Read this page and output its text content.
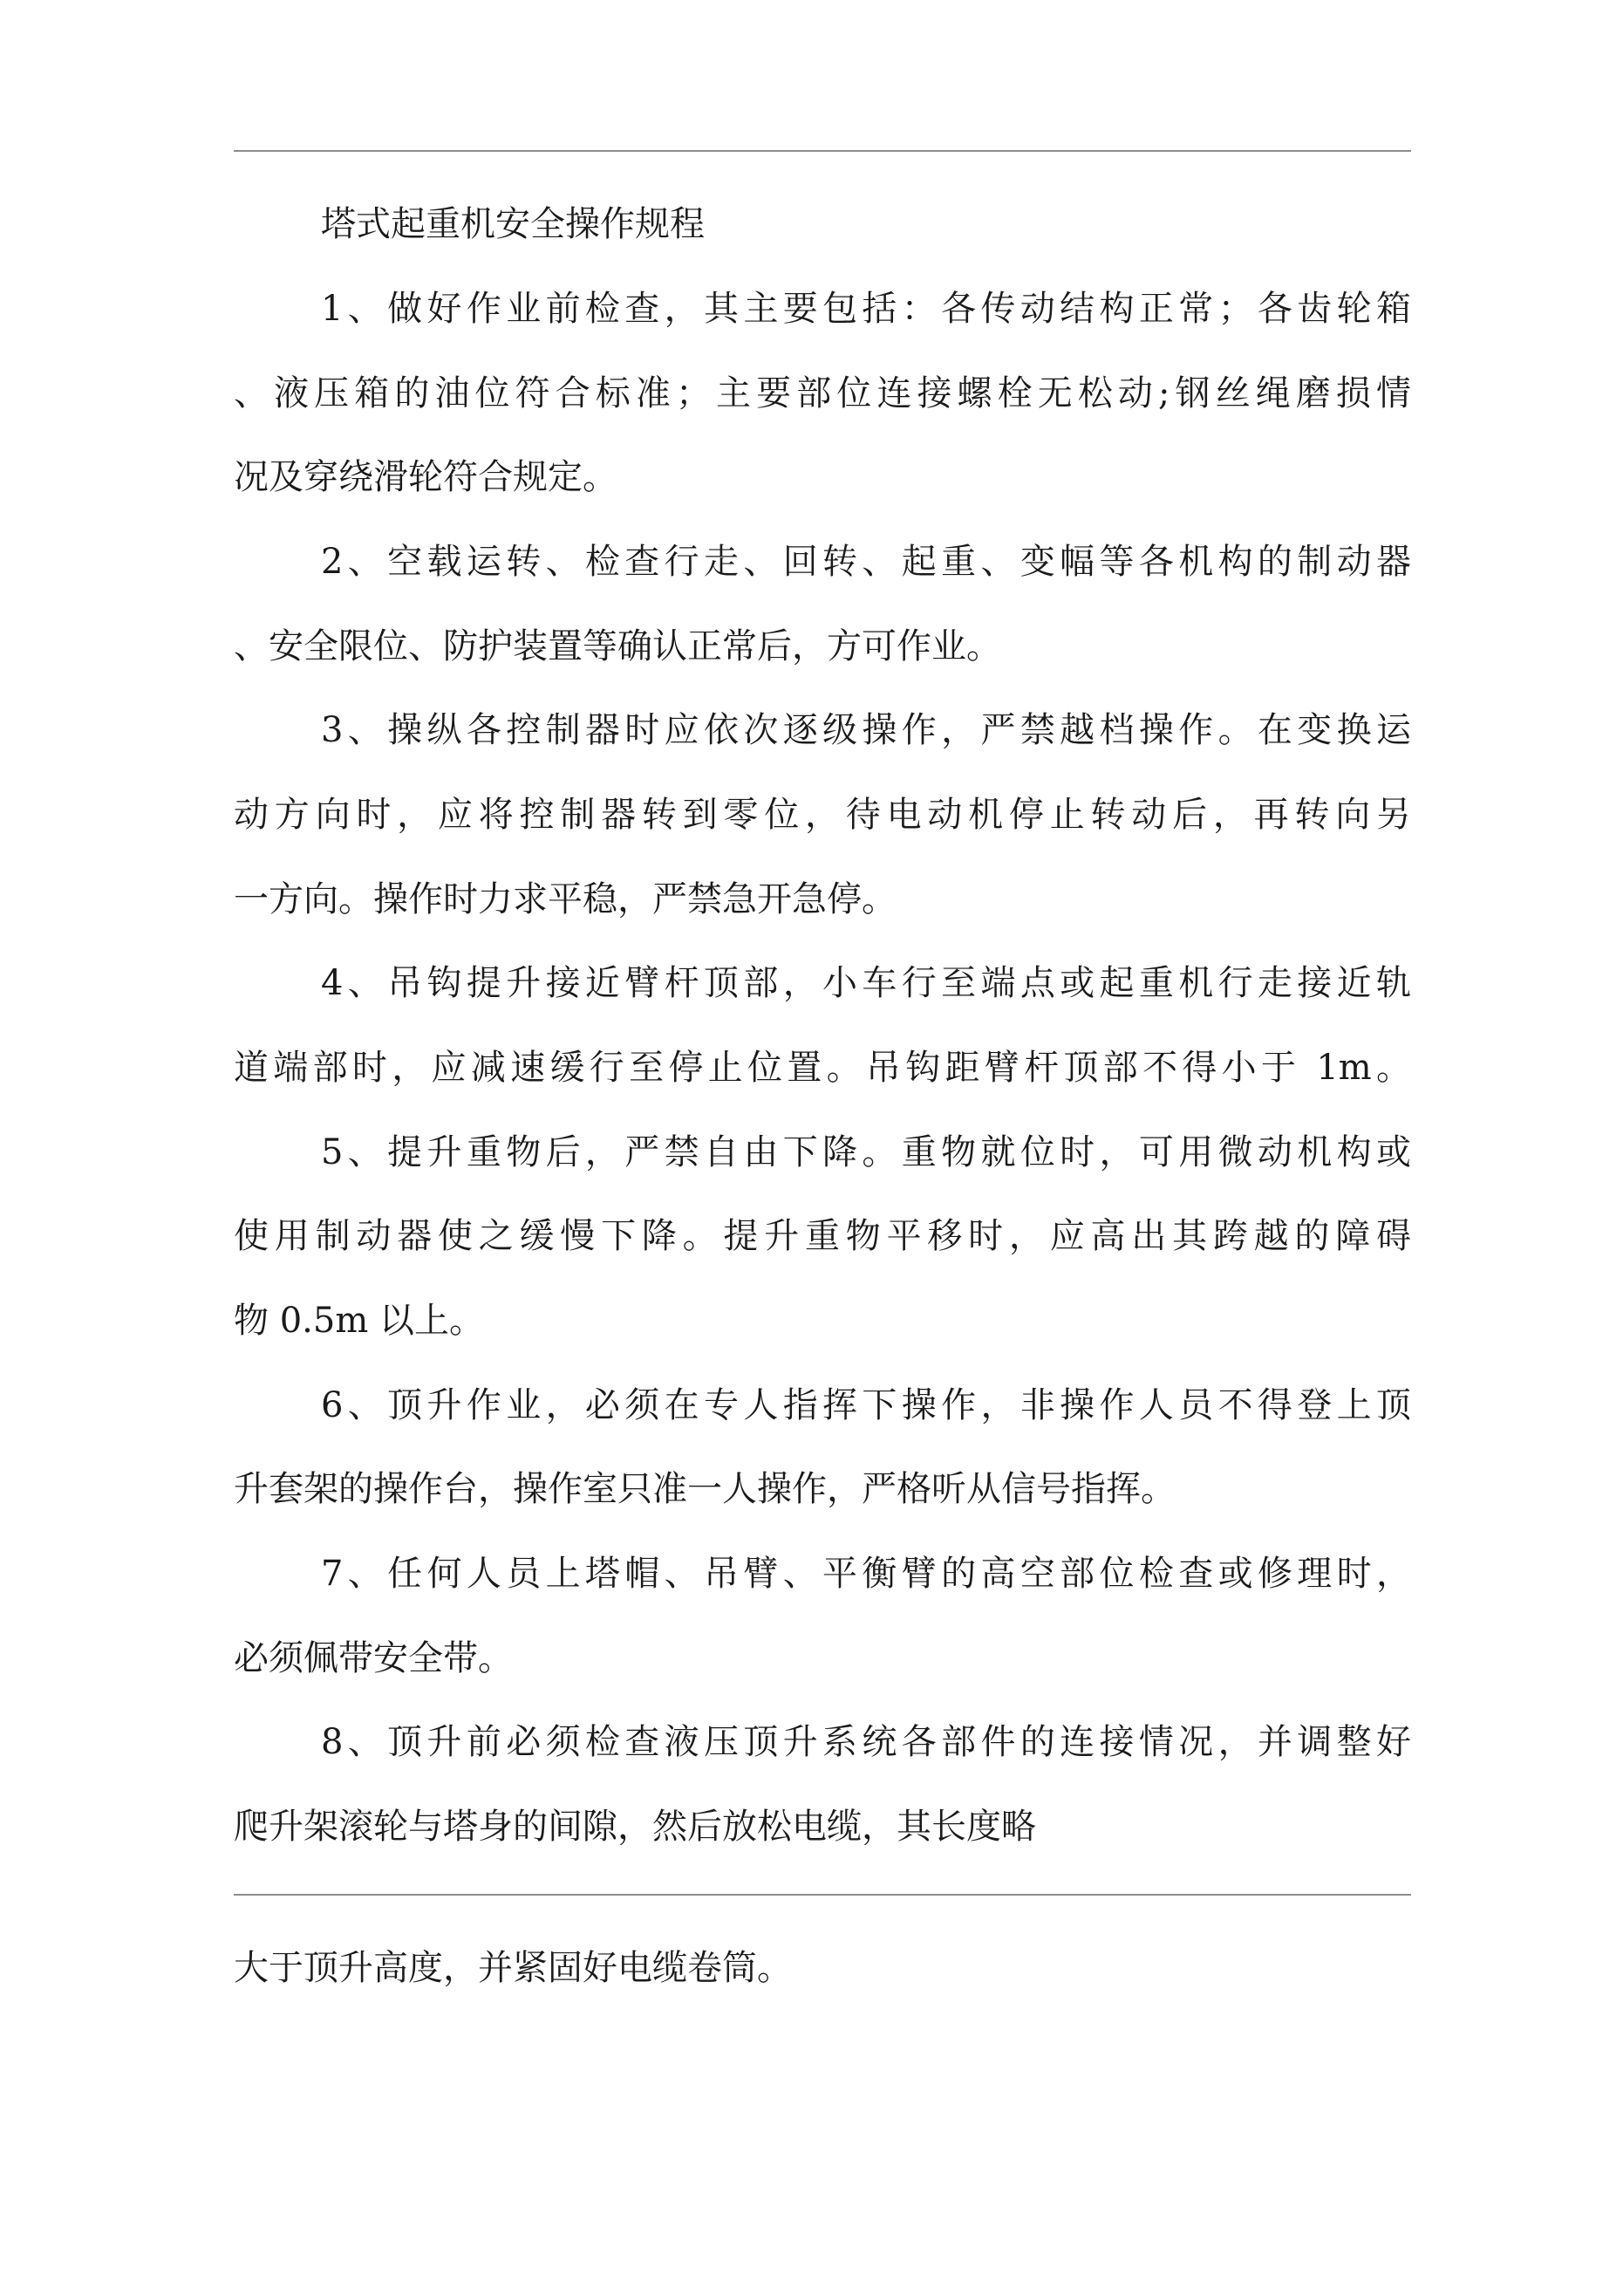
塔式起重机安全操作规程
1、做好作业前检查，其主要包括：各传动结构正常；各齿轮箱
、液压箱的油位符合标准；主要部位连接螺栓无松动;钢丝绳磨损情
况及穿绕滑轮符合规定。
2、空载运转、检查行走、回转、起重、变幅等各机构的制动器
、安全限位、防护装置等确认正常后，方可作业。
3、操纵各控制器时应依次逐级操作，严禁越档操作。在变换运
动方向时，应将控制器转到零位，待电动机停止转动后，再转向另
一方向。操作时力求平稳，严禁急开急停。
4、吊钩提升接近臂杆顶部，小车行至端点或起重机行走接近轨
道端部时，应减速缓行至停止位置。吊钩距臂杆顶部不得小于 1m。
5、提升重物后，严禁自由下降。重物就位时，可用微动机构或
使用制动器使之缓慢下降。提升重物平移时，应高出其跨越的障碍
物 0.5m 以上。
6、顶升作业，必须在专人指挥下操作，非操作人员不得登上顶
升套架的操作台，操作室只准一人操作，严格听从信号指挥。
7、任何人员上塔帽、吊臂、平衡臂的高空部位检查或修理时，
必须佩带安全带。
8、顶升前必须检查液压顶升系统各部件的连接情况，并调整好
爬升架滚轮与塔身的间隙，然后放松电缆，其长度略
大于顶升高度，并紧固好电缆卷筒。
